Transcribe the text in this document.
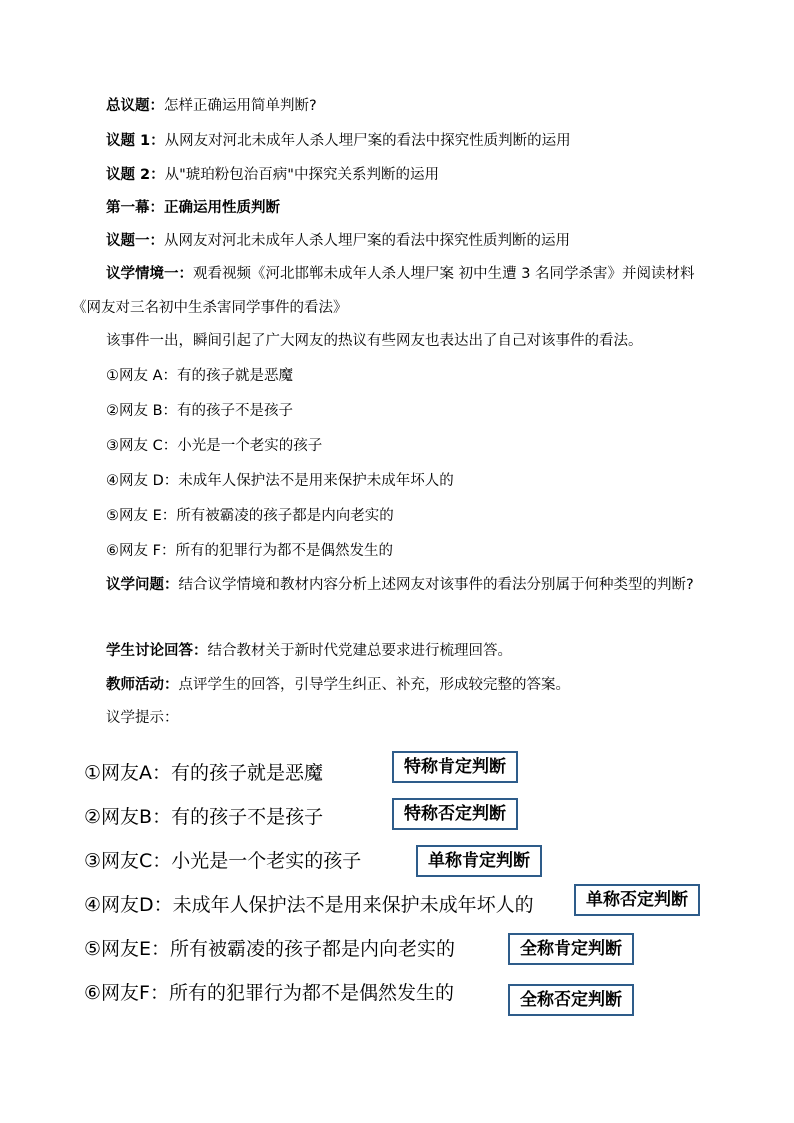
总议题：怎样正确运用简单判断?
议题 1：从网友对河北未成年人杀人埋尸案的看法中探究性质判断的运用
议题 2：从"琥珀粉包治百病"中探究关系判断的运用
第一幕：正确运用性质判断
议题一：从网友对河北未成年人杀人埋尸案的看法中探究性质判断的运用
议学情境一：观看视频《河北邯郸未成年人杀人埋尸案 初中生遭 3 名同学杀害》并阅读材料《网友对三名初中生杀害同学事件的看法》
该事件一出，瞬间引起了广大网友的热议有些网友也表达出了自己对该事件的看法。
①网友 A：有的孩子就是恶魔
②网友 B：有的孩子不是孩子
③网友 C：小光是一个老实的孩子
④网友 D：未成年人保护法不是用来保护未成年坏人的
⑤网友 E：所有被霸凌的孩子都是内向老实的
⑥网友 F：所有的犯罪行为都不是偶然发生的
议学问题：结合议学情境和教材内容分析上述网友对该事件的看法分别属于何种类型的判断?
学生讨论回答：结合教材关于新时代党建总要求进行梳理回答。
教师活动：点评学生的回答，引导学生纠正、补充，形成较完整的答案。
议学提示：
①网友A：有的孩子就是恶魔	特称肯定判断
②网友B：有的孩子不是孩子	特称否定判断
③网友C：小光是一个老实的孩子	单称肯定判断
④网友D：未成年人保护法不是用来保护未成年坏人的	单称否定判断
⑤网友E：所有被霸凌的孩子都是内向老实的	全称肯定判断
⑥网友F：所有的犯罪行为都不是偶然发生的	全称否定判断
